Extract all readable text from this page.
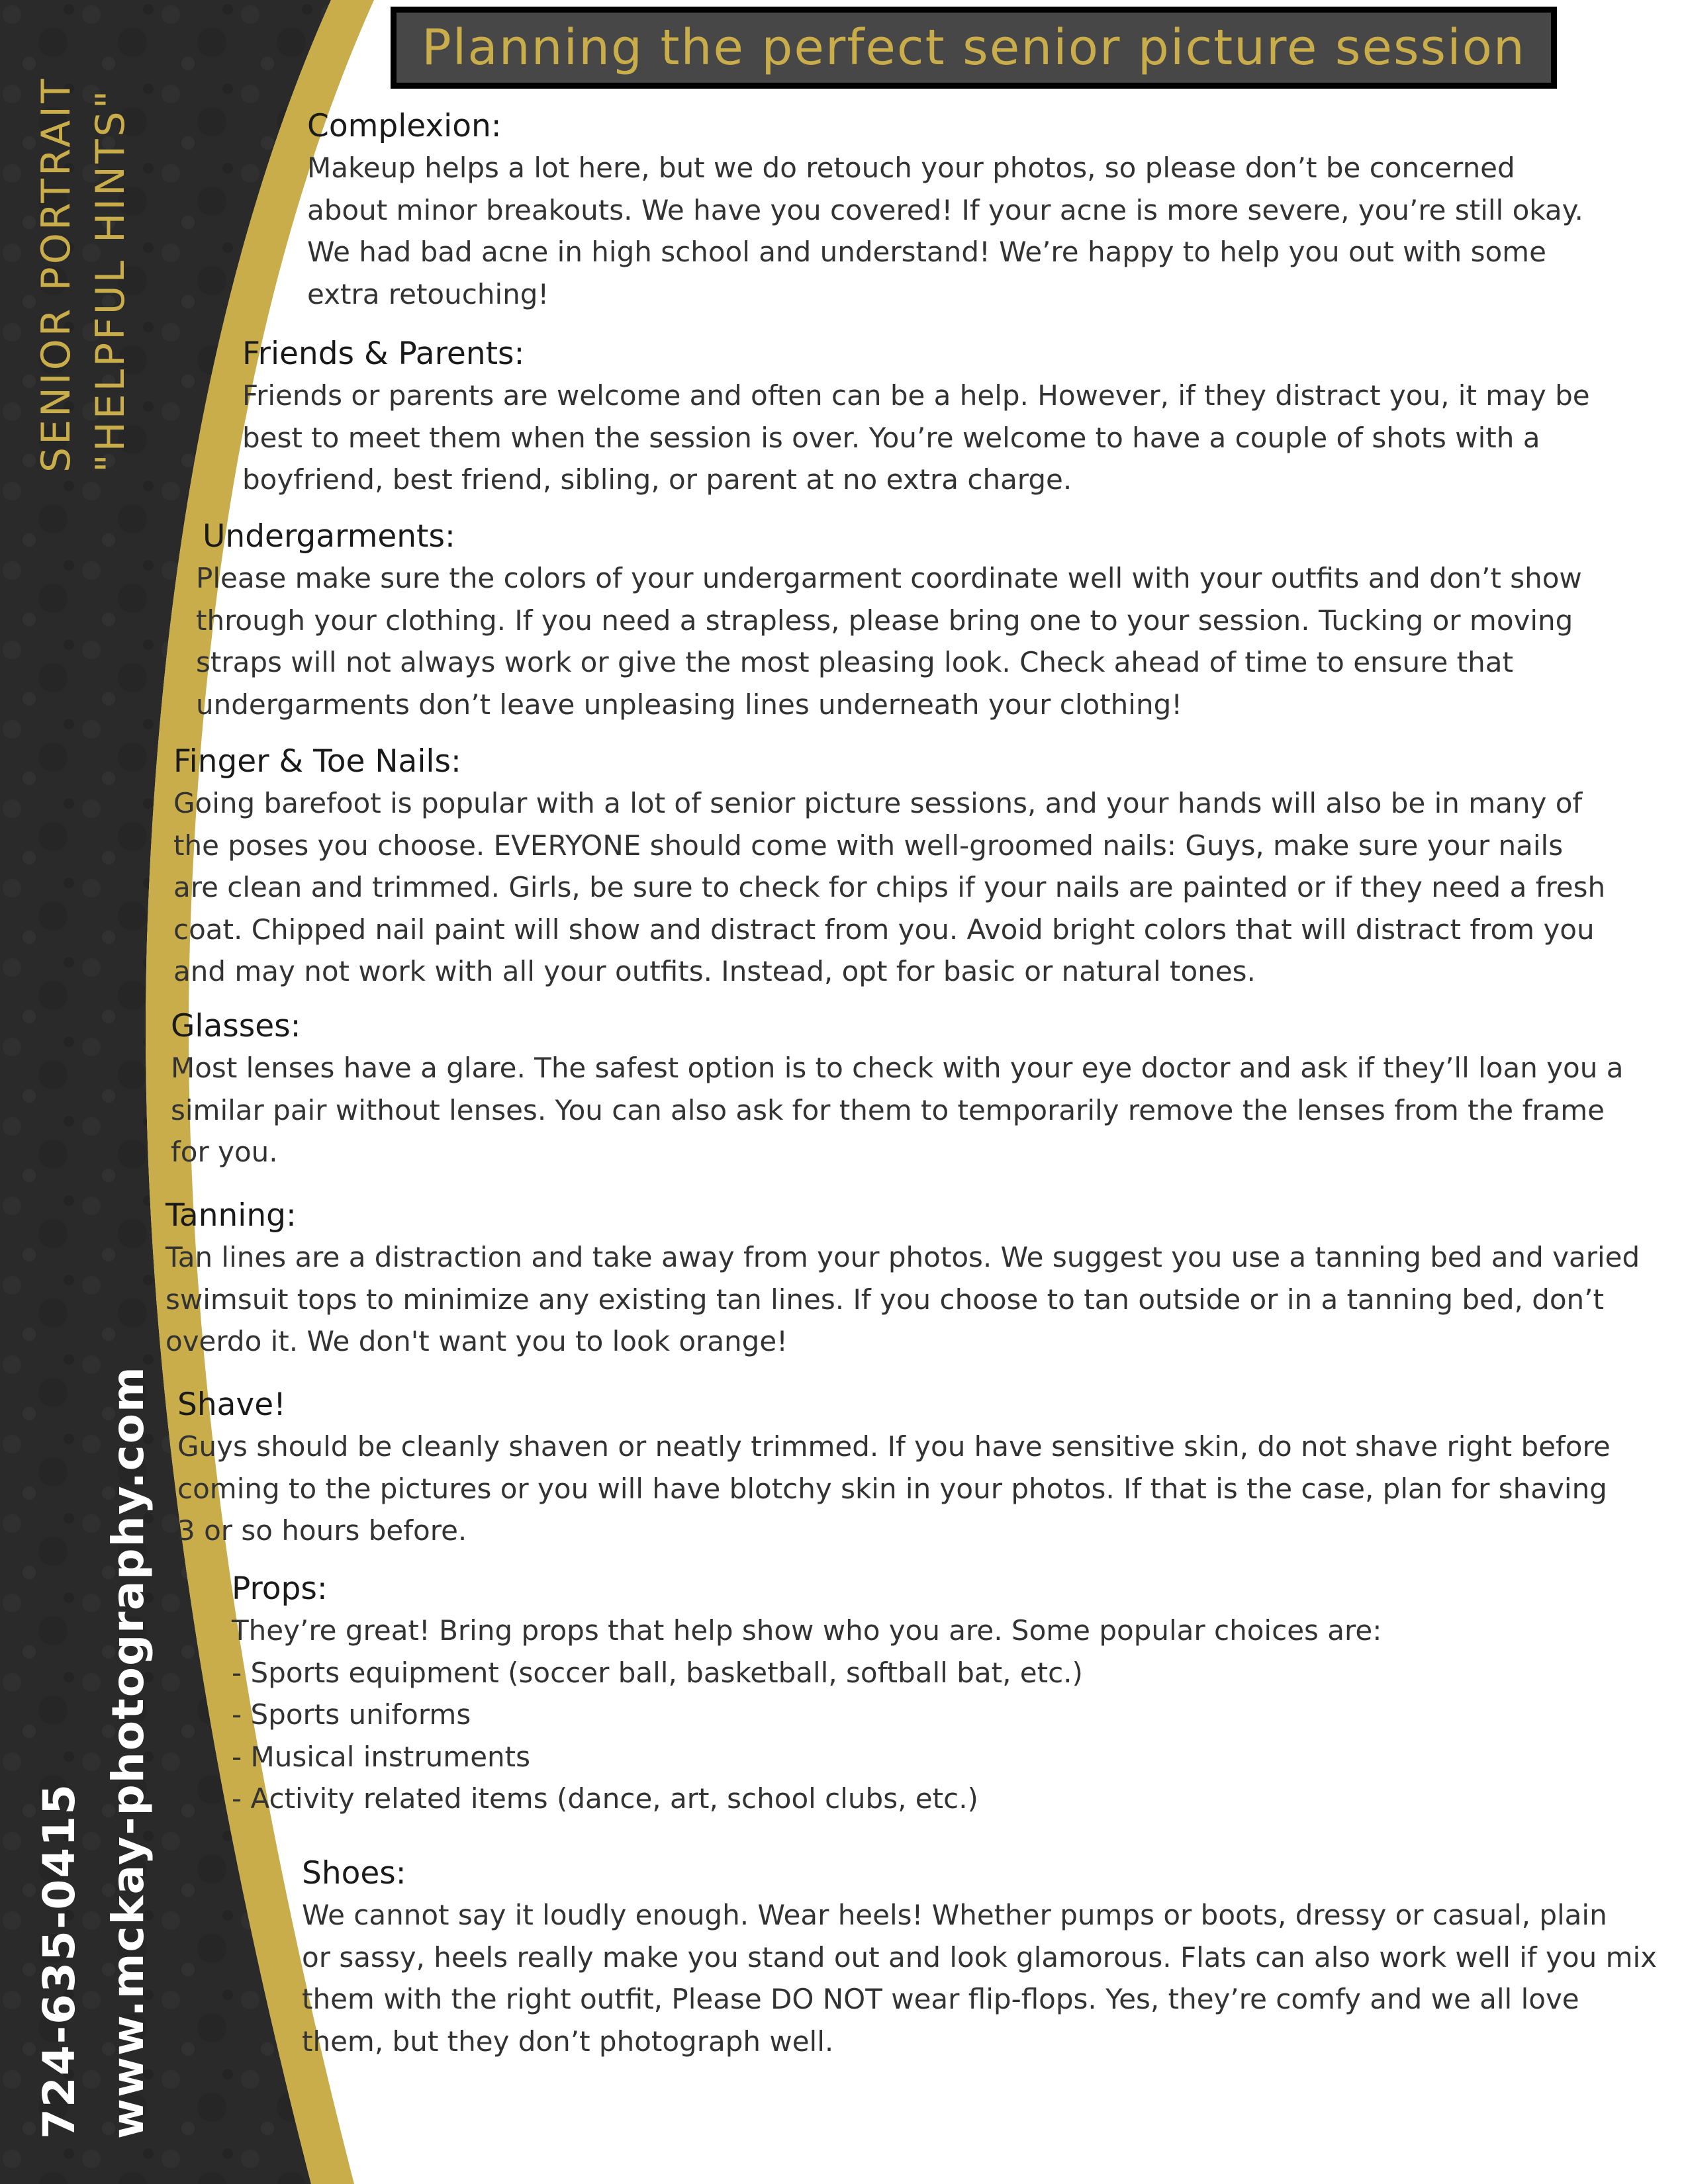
SENIOR PORTRAIT "HELPFUL HINTS"
724-635-0415 www.mckay-photography.com
Planning the perfect senior picture session
Complexion:

Makeup helps a lot here, but we do retouch your photos, so please don’t be concerned

about minor breakouts. We have you covered! If your acne is more severe, you’re still okay.

We had bad acne in high school and understand! We’re happy to help you out with some

extra retouching!

Friends & Parents:

Friends or parents are welcome and often can be a help. However, if they distract you, it may be

best to meet them when the session is over. You’re welcome to have a couple of shots with a

boyfriend, best friend, sibling, or parent at no extra charge.

Undergarments:

Please make sure the colors of your undergarment coordinate well with your outfits and don’t show

through your clothing. If you need a strapless, please bring one to your session. Tucking or moving

straps will not always work or give the most pleasing look. Check ahead of time to ensure that

undergarments don’t leave unpleasing lines underneath your clothing!

Finger & Toe Nails:

Going barefoot is popular with a lot of senior picture sessions, and your hands will also be in many of

the poses you choose. EVERYONE should come with well-groomed nails: Guys, make sure your nails

are clean and trimmed. Girls, be sure to check for chips if your nails are painted or if they need a fresh

coat. Chipped nail paint will show and distract from you. Avoid bright colors that will distract from you

and may not work with all your outfits. Instead, opt for basic or natural tones.

Glasses:

Most lenses have a glare. The safest option is to check with your eye doctor and ask if they’ll loan you a

similar pair without lenses. You can also ask for them to temporarily remove the lenses from the frame

for you.

Tanning:

Tan lines are a distraction and take away from your photos. We suggest you use a tanning bed and varied

swimsuit tops to minimize any existing tan lines. If you choose to tan outside or in a tanning bed, don’t

overdo it. We don't want you to look orange!

Shave!

Guys should be cleanly shaven or neatly trimmed. If you have sensitive skin, do not shave right before

coming to the pictures or you will have blotchy skin in your photos. If that is the case, plan for shaving

3 or so hours before.

Props:

They’re great! Bring props that help show who you are. Some popular choices are:

- Sports equipment (soccer ball, basketball, softball bat, etc.)
- Sports uniforms
- Musical instruments
- Activity related items (dance, art, school clubs, etc.)
Shoes:

We cannot say it loudly enough. Wear heels! Whether pumps or boots, dressy or casual, plain

or sassy, heels really make you stand out and look glamorous. Flats can also work well if you mix

them with the right outfit, Please DO NOT wear flip-flops. Yes, they’re comfy and we all love

them, but they don’t photograph well.
